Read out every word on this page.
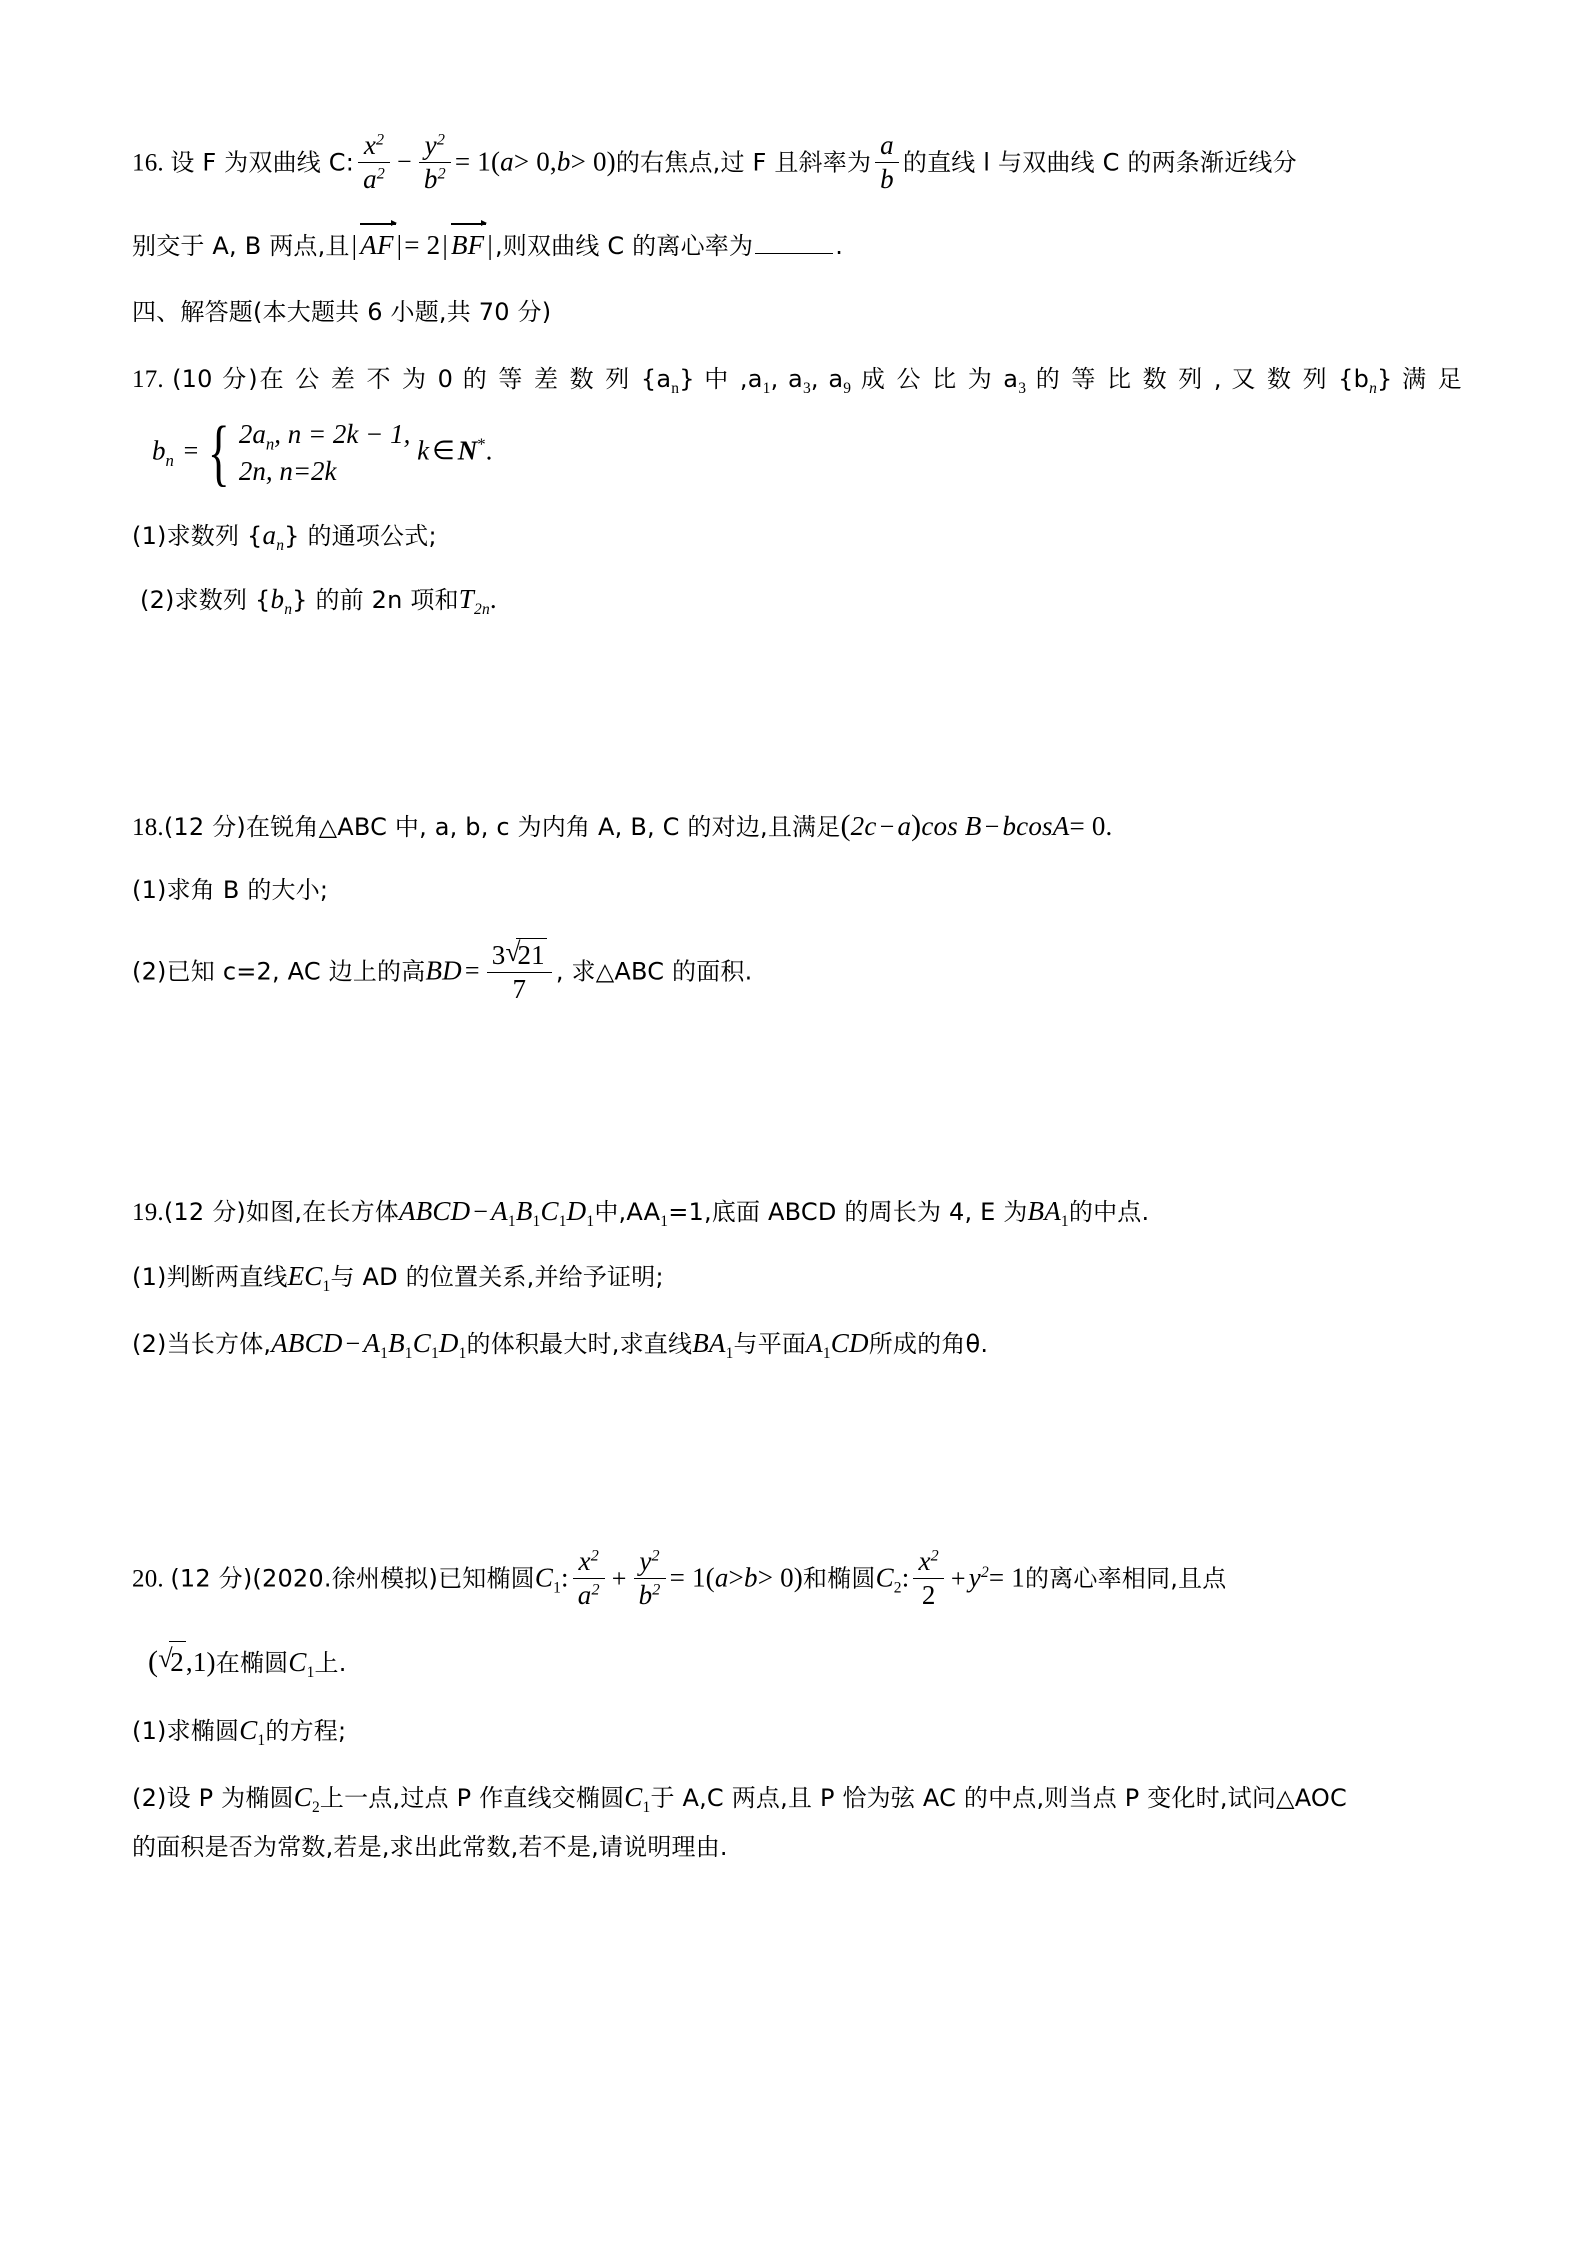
16. 设 F 为双曲线 C: $\frac{x^2}{a^2} - \frac{y^2}{b^2} = 1(a> 0,b> 0)$的右焦点,过 F 且斜率为 $\frac{a}{b}$ 的直线 l 与双曲线 C 的两条渐近线分
别交于 A, B 两点,且| AF |= 2| BF |,则双曲线 C 的离心率为	.
四、解答题(本大题共 6 小题,共 70 分)
17. (10 分)在 公 差 不 为 0 的 等 差 数 列 $\{a_n\}$ 中 $,a_1$, $a_3$, $a_9$ 成 公 比 为 $a_3$ 的 等 比 数 列 , 又 数 列 $\{b_n\}$ 满 足
$b_n$ = { $2a_n$, n = 2k − 1,
2n, n=2k
k ∈ N*.
(1)求数列 $\{a_n\}$ 的通项公式;
(2)求数列 $\{b_n\}$ 的前 2n 项和$T_{2n}$.
18.(12 分)在锐角△ABC 中, a, b, c 为内角 A, B, C 的对边,且满足(2c − a)cos B − bcosA= 0.
(1)求角 B 的大小;
(2)已知 c=2, AC 边上的高BD = $\frac{3 √ 21}{7}$ , 求△ABC 的面积.
19.(12 分)如图,在长方体ABCD − $A_1B_1C_1D_1$中$,AA_1=1$,底面 ABCD 的周长为 4, E 为$BA_1$的中点.
(1)判断两直线$EC_1$与 AD 的位置关系,并给予证明;
(2)当长方体,ABCD − $A_1B_1C_1D_1$的体积最大时,求直线$BA_1$与平面$A_1CD$所成的角θ.
20. (12 分)(2020.徐州模拟)已知椭圆$C_1$: $\frac{x^2}{a^2} + \frac{y^2}{b^2} = 1(a>b> 0)$和椭圆$C_2$: $\frac{x^2}{2} + y^2= 1$的离心率相同,且点
( √ 2,1)在椭圆$C_1$上.
(1)求椭圆$C_1$的方程;
(2)设 P 为椭圆$C_2$上一点,过点 P 作直线交椭圆$C_1$于 A,C 两点,且 P 恰为弦 AC 的中点,则当点 P 变化时,试问△AOC
的面积是否为常数,若是,求出此常数,若不是,请说明理由.
